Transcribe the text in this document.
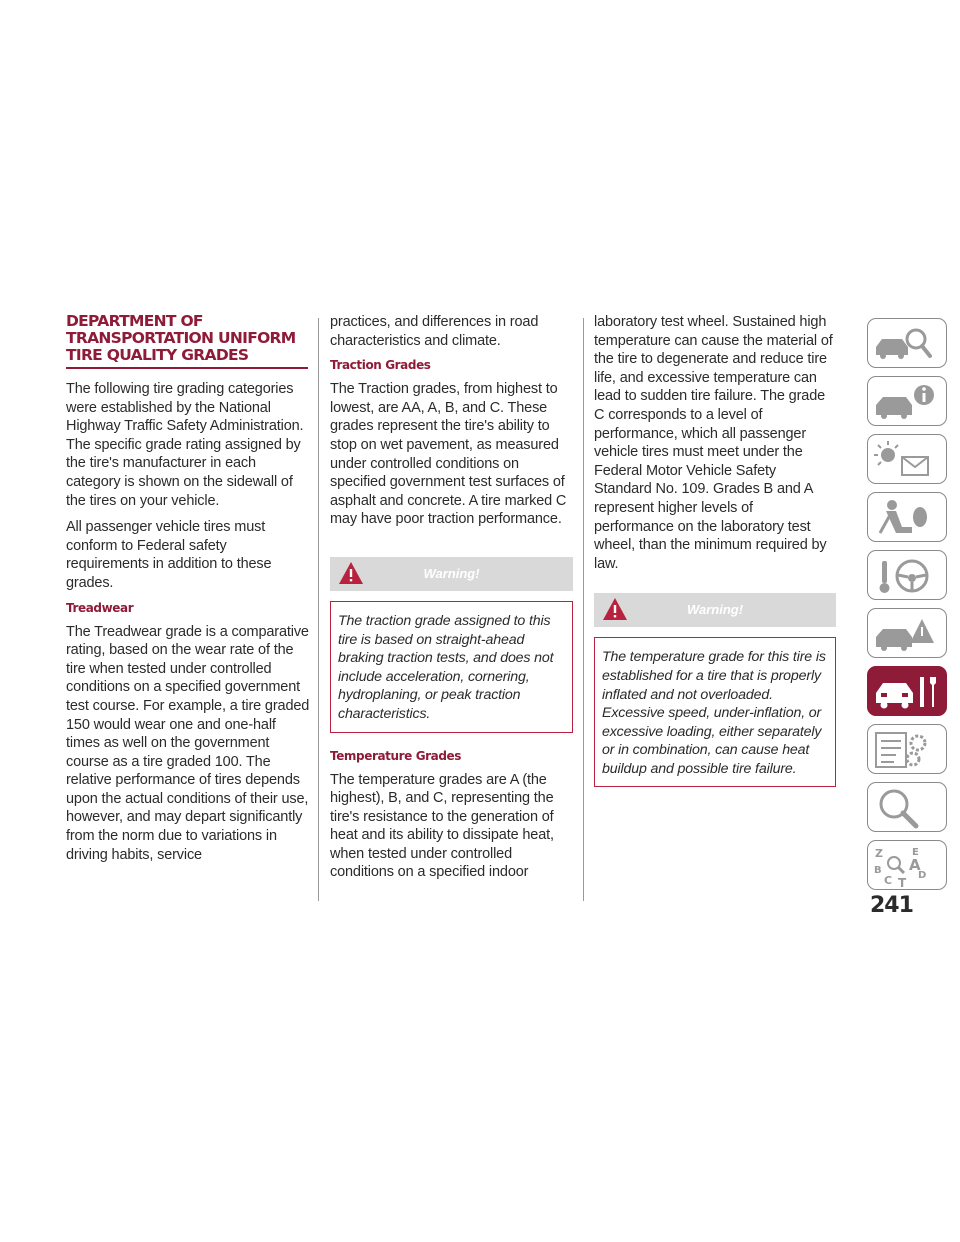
DEPARTMENT OF TRANSPORTATION UNIFORM TIRE QUALITY GRADES

The following tire grading categories were established by the National Highway Traffic Safety Administration. The specific grade rating assigned by the tire's manufacturer in each category is shown on the sidewall of the tires on your vehicle.

All passenger vehicle tires must conform to Federal safety requirements in addition to these grades.

Treadwear

The Treadwear grade is a comparative rating, based on the wear rate of the tire when tested under controlled conditions on a specified government test course. For example, a tire graded 150 would wear one and one-half times as well on the government course as a tire graded 100. The relative performance of tires depends upon the actual conditions of their use, however, and may depart significantly from the norm due to variations in driving habits, service

practices, and differences in road characteristics and climate.

Traction Grades

The Traction grades, from highest to lowest, are AA, A, B, and C. These grades represent the tire's ability to stop on wet pavement, as measured under controlled conditions on specified government test surfaces of asphalt and concrete. A tire marked C may have poor traction performance.

Warning!

The traction grade assigned to this tire is based on straight-ahead braking traction tests, and does not include acceleration, cornering, hydroplaning, or peak traction characteristics.

Temperature Grades

The temperature grades are A (the highest), B, and C, representing the tire's resistance to the generation of heat and its ability to dissipate heat, when tested under controlled conditions on a specified indoor

laboratory test wheel. Sustained high temperature can cause the material of the tire to degenerate and reduce tire life, and excessive temperature can lead to sudden tire failure. The grade C corresponds to a level of performance, which all passenger vehicle tires must meet under the Federal Motor Vehicle Safety Standard No. 109. Grades B and A represent higher levels of performance on the laboratory test wheel, than the minimum required by law.

Warning!

The temperature grade for this tire is established for a tire that is properly inflated and not overloaded. Excessive speed, under-inflation, or excessive loading, either separately or in combination, can cause heat buildup and possible tire failure.

Z	E
A
B	D
C T
241
